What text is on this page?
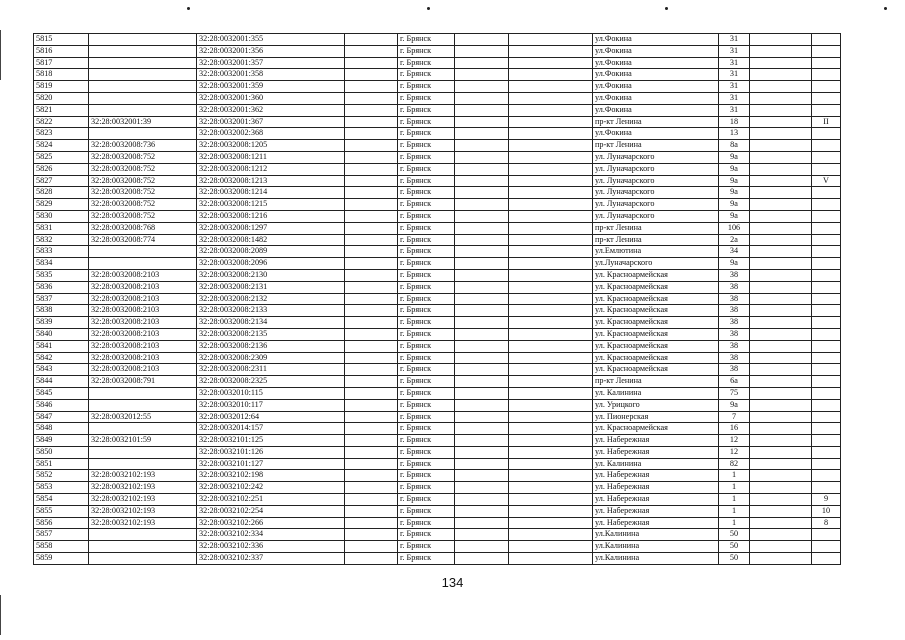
5815		32:28:0032001:355		г. Брянск			ул.Фокина	31		
5816		32:28:0032001:356		г. Брянск			ул.Фокина	31		
5817		32:28:0032001:357		г. Брянск			ул.Фокина	31		
5818		32:28:0032001:358		г. Брянск			ул.Фокина	31		
5819		32:28:0032001:359		г. Брянск			ул.Фокина	31		
5820		32:28:0032001:360		г. Брянск			ул.Фокина	31		
5821		32:28:0032001:362		г. Брянск			ул.Фокина	31		
5822	32:28:0032001:39	32:28:0032001:367		г. Брянск			пр-кт Ленина	18		II
5823		32:28:0032002:368		г. Брянск			ул.Фокина	13		
5824	32:28:0032008:736	32:28:0032008:1205		г. Брянск			пр-кт Ленина	8а		
5825	32:28:0032008:752	32:28:0032008:1211		г. Брянск			ул. Луначарского	9а		
5826	32:28:0032008:752	32:28:0032008:1212		г. Брянск			ул. Луначарского	9а		
5827	32:28:0032008:752	32:28:0032008:1213		г. Брянск			ул. Луначарского	9а		V
5828	32:28:0032008:752	32:28:0032008:1214		г. Брянск			ул. Луначарского	9а		
5829	32:28:0032008:752	32:28:0032008:1215		г. Брянск			ул. Луначарского	9а		
5830	32:28:0032008:752	32:28:0032008:1216		г. Брянск			ул. Луначарского	9а		
5831	32:28:0032008:768	32:28:0032008:1297		г. Брянск			пр-кт Ленина	106		
5832	32:28:0032008:774	32:28:0032008:1482		г. Брянск			пр-кт Ленина	2а		
5833		32:28:0032008:2089		г. Брянск			ул.Емлютина	34		
5834		32:28:0032008:2096		г. Брянск			ул.Луначарского	9а		
5835	32:28:0032008:2103	32:28:0032008:2130		г. Брянск			ул. Красноармейская	38		
5836	32:28:0032008:2103	32:28:0032008:2131		г. Брянск			ул. Красноармейская	38		
5837	32:28:0032008:2103	32:28:0032008:2132		г. Брянск			ул. Красноармейская	38		
5838	32:28:0032008:2103	32:28:0032008:2133		г. Брянск			ул. Красноармейская	38		
5839	32:28:0032008:2103	32:28:0032008:2134		г. Брянск			ул. Красноармейская	38		
5840	32:28:0032008:2103	32:28:0032008:2135		г. Брянск			ул. Красноармейская	38		
5841	32:28:0032008:2103	32:28:0032008:2136		г. Брянск			ул. Красноармейская	38		
5842	32:28:0032008:2103	32:28:0032008:2309		г. Брянск			ул. Красноармейская	38		
5843	32:28:0032008:2103	32:28:0032008:2311		г. Брянск			ул. Красноармейская	38		
5844	32:28:0032008:791	32:28:0032008:2325		г. Брянск			пр-кт Ленина	6а		
5845		32:28:0032010:115		г. Брянск			ул. Калинина	75		
5846		32:28:0032010:117		г. Брянск			ул. Урицкого	9а		
5847	32:28:0032012:55	32:28:0032012:64		г. Брянск			ул. Пионерская	7		
5848		32:28:0032014:157		г. Брянск			ул. Красноармейская	16		
5849	32:28:0032101:59	32:28:0032101:125		г. Брянск			ул. Набережная	12		
5850		32:28:0032101:126		г. Брянск			ул. Набережная	12		
5851		32:28:0032101:127		г. Брянск			ул. Калинина	82		
5852	32:28:0032102:193	32:28:0032102:198		г. Брянск			ул. Набережная	1		
5853	32:28:0032102:193	32:28:0032102:242		г. Брянск			ул. Набережная	1		
5854	32:28:0032102:193	32:28:0032102:251		г. Брянск			ул. Набережная	1		9
5855	32:28:0032102:193	32:28:0032102:254		г. Брянск			ул. Набережная	1		10
5856	32:28:0032102:193	32:28:0032102:266		г. Брянск			ул. Набережная	1		8
5857		32:28:0032102:334		г. Брянск			ул.Калинина	50		
5858		32:28:0032102:336		г. Брянск			ул.Калинина	50		
5859		32:28:0032102:337		г. Брянск			ул.Калинина	50		
134
